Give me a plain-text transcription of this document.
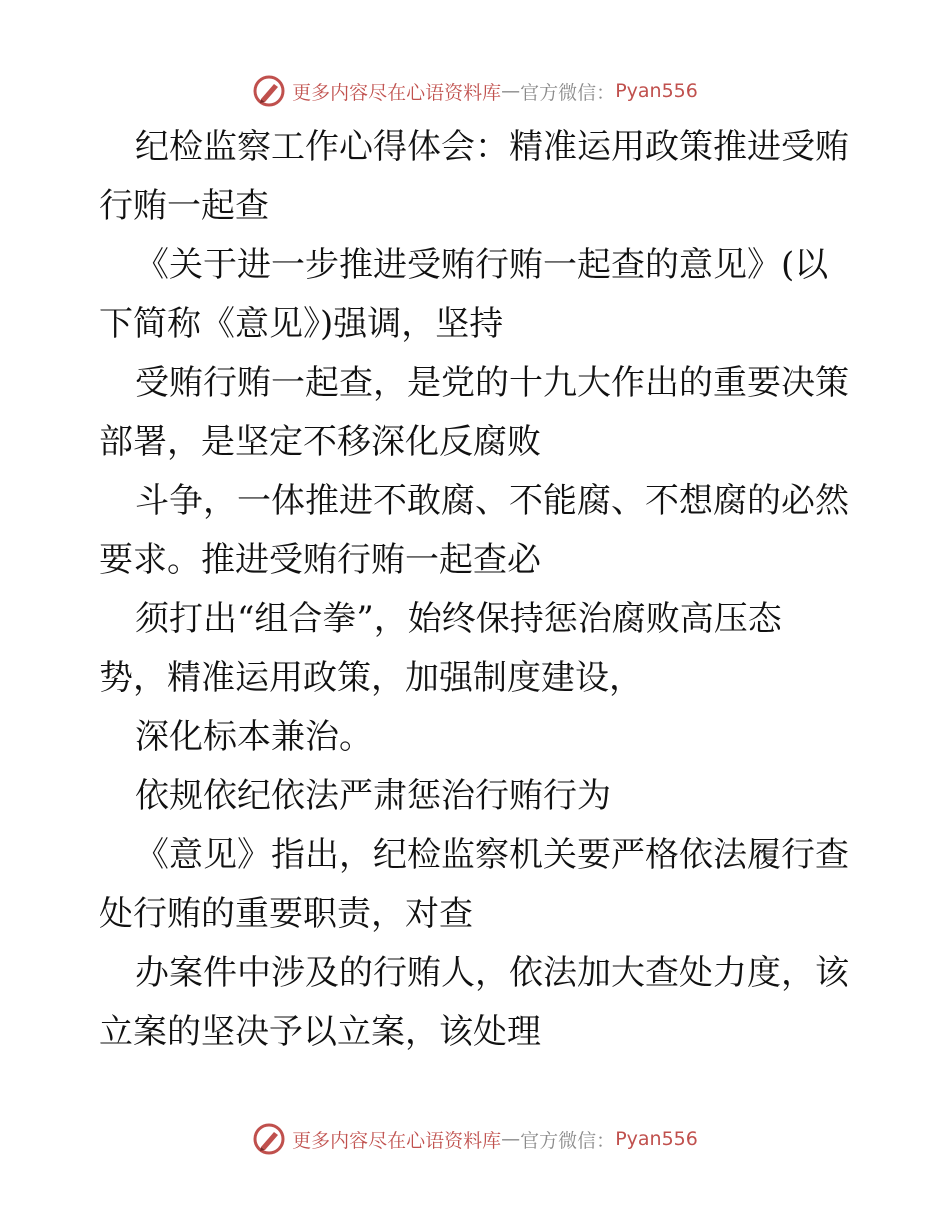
更多内容尽在心语资料库 — 官方微信： Pyan556

纪检监察工作心得体会：精准运用政策推进受贿
行贿一起查

《关于进一步推进受贿行贿一起查的意见》(以
下简称《意见》)强调，坚持

受贿行贿一起查，是党的十九大作出的重要决策
部署，是坚定不移深化反腐败

斗争，一体推进不敢腐、不能腐、不想腐的必然
要求。推进受贿行贿一起查必

须打出“组合拳”，始终保持惩治腐败高压态
势，精准运用政策，加强制度建设，

深化标本兼治。

依规依纪依法严肃惩治行贿行为

《意见》指出，纪检监察机关要严格依法履行查
处行贿的重要职责，对查

办案件中涉及的行贿人，依法加大查处力度，该
立案的坚决予以立案，该处理

更多内容尽在心语资料库 — 官方微信： Pyan556
